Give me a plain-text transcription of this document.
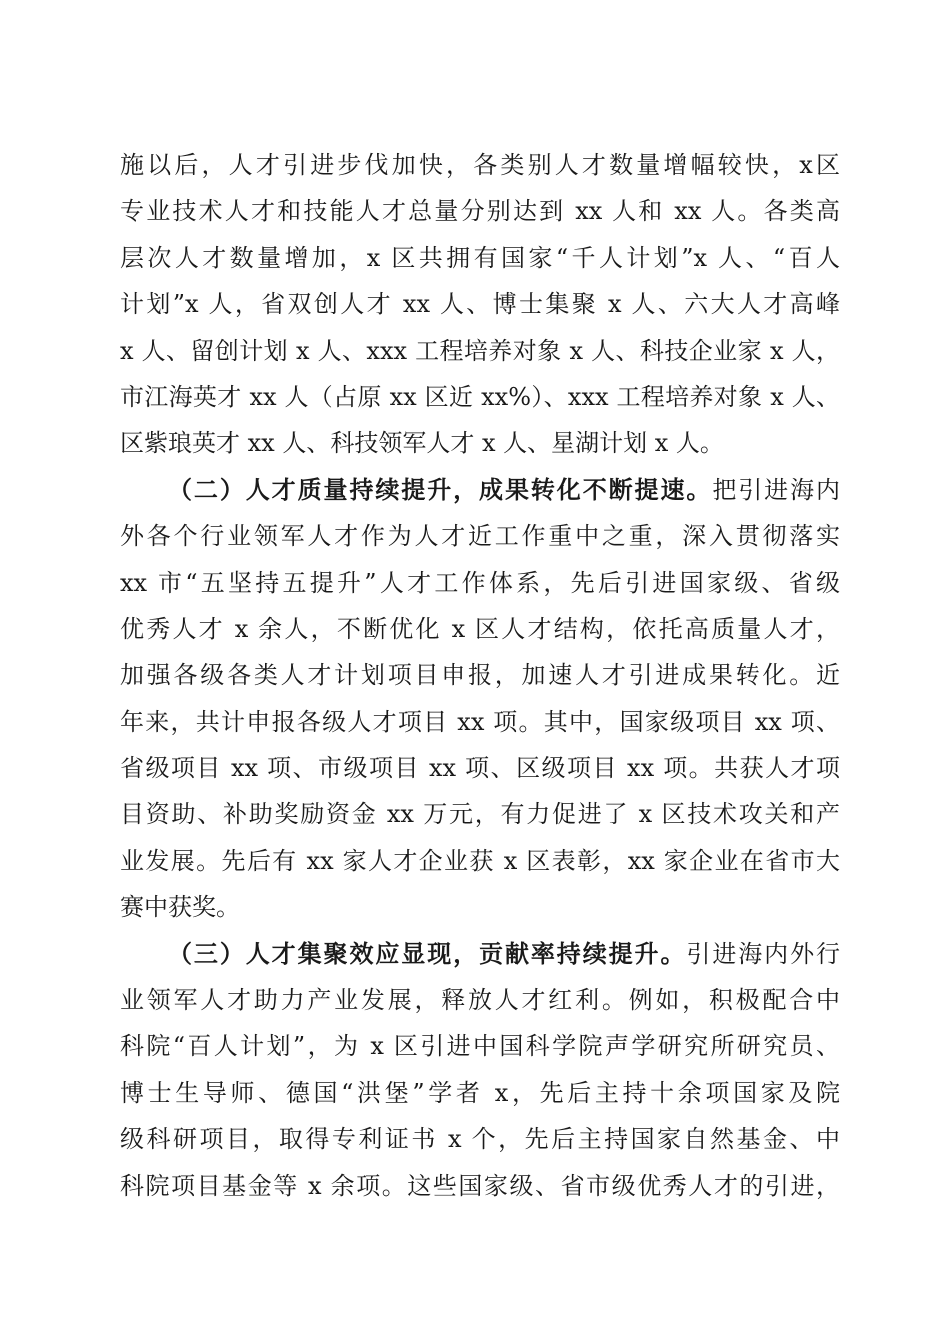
施以后，人才引进步伐加快，各类别人才数量增幅较快，x区
专业技术人才和技能人才总量分别达到 xx 人和 xx 人。各类高
层次人才数量增加，x 区共拥有国家“千人计划”x 人、“百人
计划”x 人，省双创人才 xx 人、博士集聚 x 人、六大人才高峰
x 人、留创计划 x 人、xxx 工程培养对象 x 人、科技企业家 x 人，
市江海英才 xx 人（占原 xx 区近 xx%）、xxx 工程培养对象 x 人、
区紫琅英才 xx 人、科技领军人才 x 人、星湖计划 x 人。
（二）人才质量持续提升，成果转化不断提速。把引进海内
外各个行业领军人才作为人才近工作重中之重，深入贯彻落实
xx 市“五坚持五提升”人才工作体系，先后引进国家级、省级
优秀人才 x 余人，不断优化 x 区人才结构，依托高质量人才，
加强各级各类人才计划项目申报，加速人才引进成果转化。近
年来，共计申报各级人才项目 xx 项。其中，国家级项目 xx 项、
省级项目 xx 项、市级项目 xx 项、区级项目 xx 项。共获人才项
目资助、补助奖励资金 xx 万元，有力促进了 x 区技术攻关和产
业发展。先后有 xx 家人才企业获 x 区表彰，xx 家企业在省市大
赛中获奖。
（三）人才集聚效应显现，贡献率持续提升。引进海内外行
业领军人才助力产业发展，释放人才红利。例如，积极配合中
科院“百人计划”，为 x 区引进中国科学院声学研究所研究员、
博士生导师、德国“洪堡”学者 x，先后主持十余项国家及院
级科研项目，取得专利证书 x 个，先后主持国家自然基金、中
科院项目基金等 x 余项。这些国家级、省市级优秀人才的引进，
